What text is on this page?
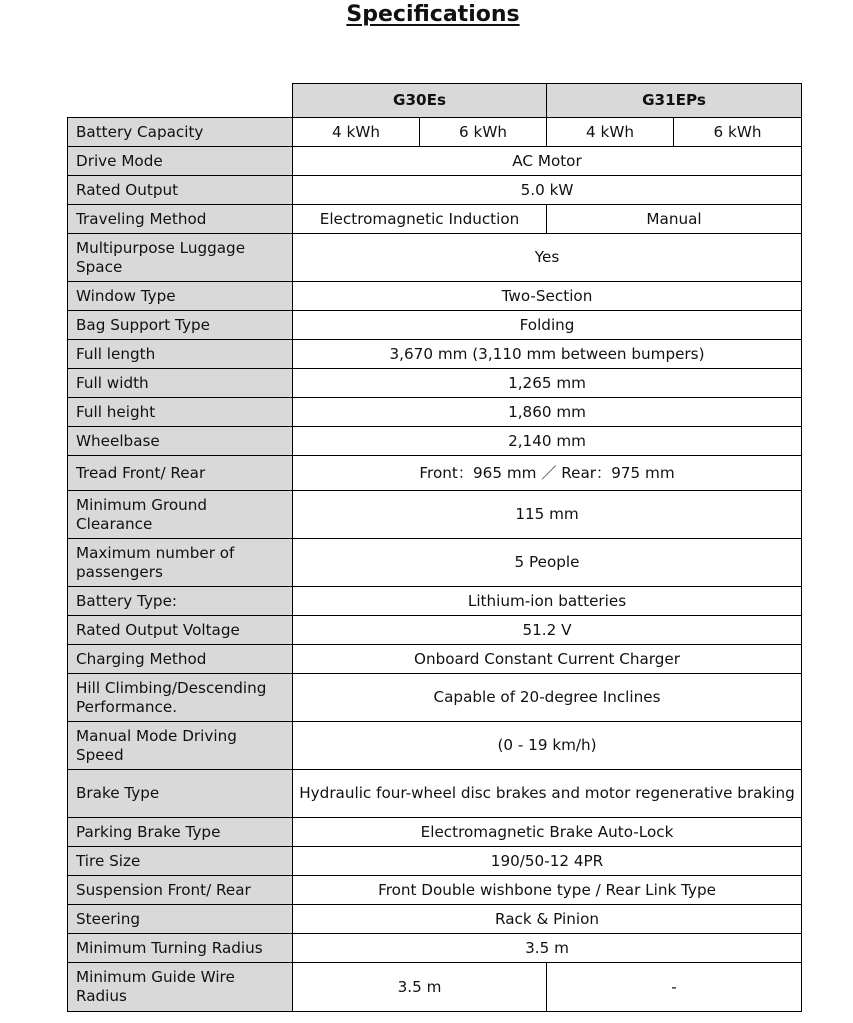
Specifications
	G30Es		G31EPs	
Battery Capacity	4 kWh	6 kWh	4 kWh	6 kWh
Drive Mode	AC Motor			
Rated Output	5.0 kW			
Traveling Method	Electromagnetic Induction		Manual	
Multipurpose Luggage Space	Yes			
Window Type	Two-Section			
Bag Support Type	Folding			
Full length	3,670 mm (3,110 mm between bumpers)			
Full width	1,265 mm			
Full height	1,860 mm			
Wheelbase	2,140 mm			
Tread Front/ Rear	Front：965 mm ／ Rear：975 mm			
Minimum Ground Clearance	115 mm			
Maximum number of passengers	5 People			
Battery Type:	Lithium-ion batteries			
Rated Output Voltage	51.2 V			
Charging Method	Onboard Constant Current Charger			
Hill Climbing/Descending Performance.	Capable of 20-degree Inclines			
Manual Mode Driving Speed	(0 - 19 km/h)			
Brake Type	Hydraulic four-wheel disc brakes and motor regenerative braking			
Parking Brake Type	Electromagnetic Brake Auto-Lock			
Tire Size	190/50-12 4PR			
Suspension Front/ Rear	Front Double wishbone type / Rear Link Type			
Steering	Rack & Pinion			
Minimum Turning Radius	3.5 m			
Minimum Guide Wire Radius	3.5 m		-	
